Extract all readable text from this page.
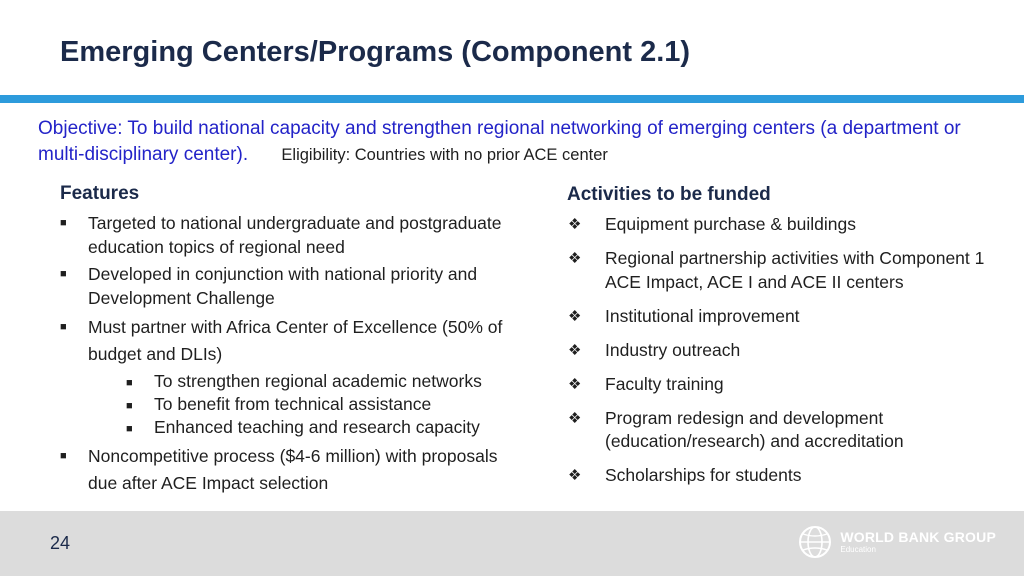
Emerging Centers/Programs (Component 2.1)
Objective: To build national capacity and strengthen regional networking of emerging centers (a department or multi-disciplinary center). Eligibility: Countries with no prior ACE center
Features
■ Targeted to national undergraduate and postgraduate education topics of regional need
■ Developed in conjunction with national priority and Development Challenge
■ Must partner with Africa Center of Excellence (50% of budget and DLIs)
■ To strengthen regional academic networks
■ To benefit from technical assistance
■ Enhanced teaching and research capacity
■ Noncompetitive process ($4-6 million) with proposals due after ACE Impact selection
Activities to be funded
❖ Equipment purchase & buildings
❖ Regional partnership activities with Component 1 ACE Impact, ACE I and ACE II centers
❖ Institutional improvement
❖ Industry outreach
❖ Faculty training
❖ Program redesign and development (education/research) and accreditation
❖ Scholarships for students
24	WORLD BANK GROUP
Education
